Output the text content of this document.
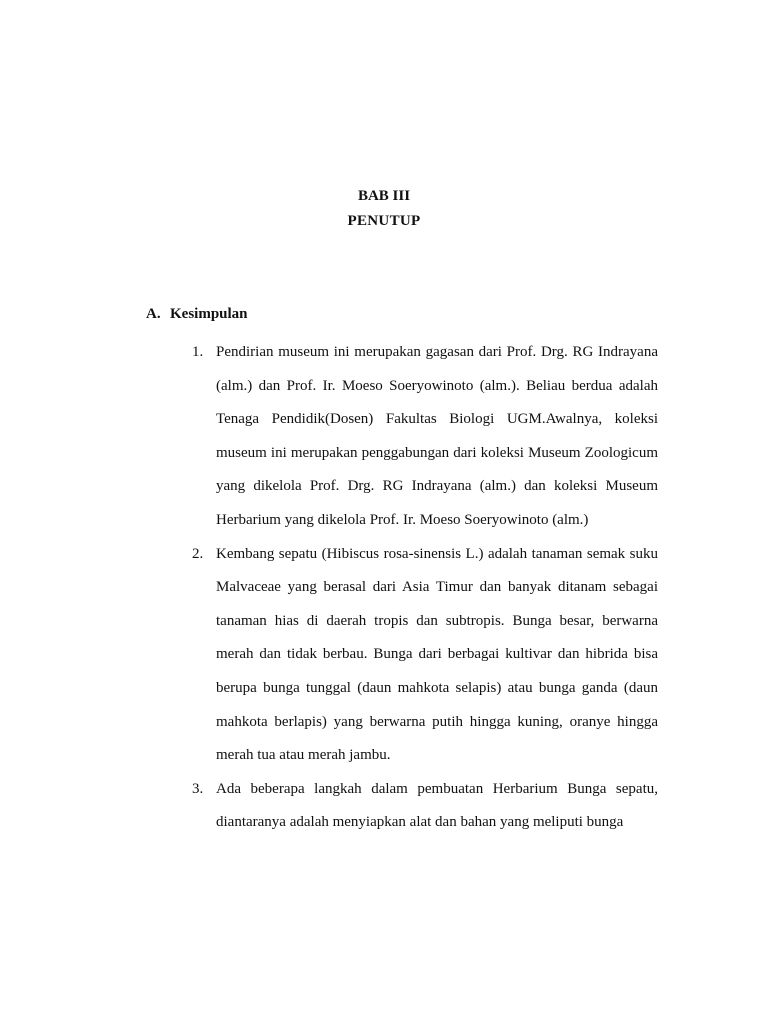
BAB III
PENUTUP
A. Kesimpulan
1. Pendirian museum ini merupakan gagasan dari Prof. Drg. RG Indrayana (alm.) dan Prof. Ir. Moeso Soeryowinoto (alm.). Beliau berdua adalah Tenaga Pendidik(Dosen) Fakultas Biologi UGM.Awalnya, koleksi museum ini merupakan penggabungan dari koleksi Museum Zoologicum yang dikelola Prof. Drg. RG Indrayana (alm.) dan koleksi Museum Herbarium yang dikelola Prof. Ir. Moeso Soeryowinoto (alm.)
2. Kembang sepatu (Hibiscus rosa-sinensis L.) adalah tanaman semak suku Malvaceae yang berasal dari Asia Timur dan banyak ditanam sebagai tanaman hias di daerah tropis dan subtropis. Bunga besar, berwarna merah dan tidak berbau. Bunga dari berbagai kultivar dan hibrida bisa berupa bunga tunggal (daun mahkota selapis) atau bunga ganda (daun mahkota berlapis) yang berwarna putih hingga kuning, oranye hingga merah tua atau merah jambu.
3. Ada beberapa langkah dalam pembuatan Herbarium Bunga sepatu, diantaranya adalah menyiapkan alat dan bahan yang meliputi bunga
